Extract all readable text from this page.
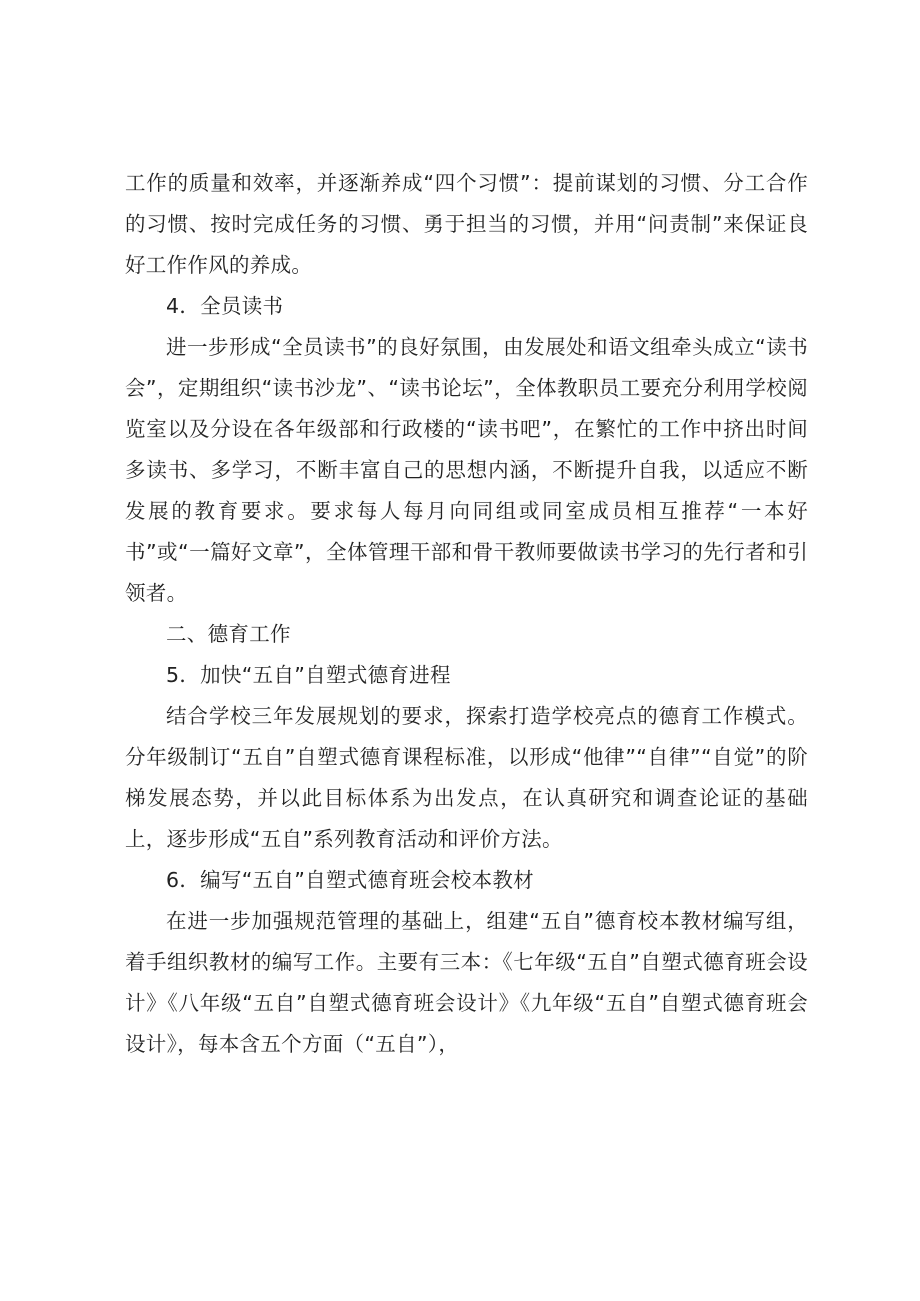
工作的质量和效率，并逐渐养成“四个习惯”：提前谋划的习惯、分工合作的习惯、按时完成任务的习惯、勇于担当的习惯，并用“问责制”来保证良好工作作风的养成。

4．全员读书

进一步形成“全员读书”的良好氛围，由发展处和语文组牵头成立“读书会”，定期组织“读书沙龙”、“读书论坛”，全体教职员工要充分利用学校阅览室以及分设在各年级部和行政楼的“读书吧”，在繁忙的工作中挤出时间多读书、多学习，不断丰富自己的思想内涵，不断提升自我，以适应不断发展的教育要求。要求每人每月向同组或同室成员相互推荐“一本好书”或“一篇好文章”，全体管理干部和骨干教师要做读书学习的先行者和引领者。

二、德育工作

5．加快“五自”自塑式德育进程

结合学校三年发展规划的要求，探索打造学校亮点的德育工作模式。分年级制订“五自”自塑式德育课程标准，以形成“他律”“自律”“自觉”的阶梯发展态势，并以此目标体系为出发点，在认真研究和调查论证的基础上，逐步形成“五自”系列教育活动和评价方法。

6．编写“五自”自塑式德育班会校本教材

在进一步加强规范管理的基础上，组建“五自”德育校本教材编写组，着手组织教材的编写工作。主要有三本：《七年级“五自”自塑式德育班会设计》《八年级“五自”自塑式德育班会设计》《九年级“五自”自塑式德育班会设计》，每本含五个方面（“五自”），
